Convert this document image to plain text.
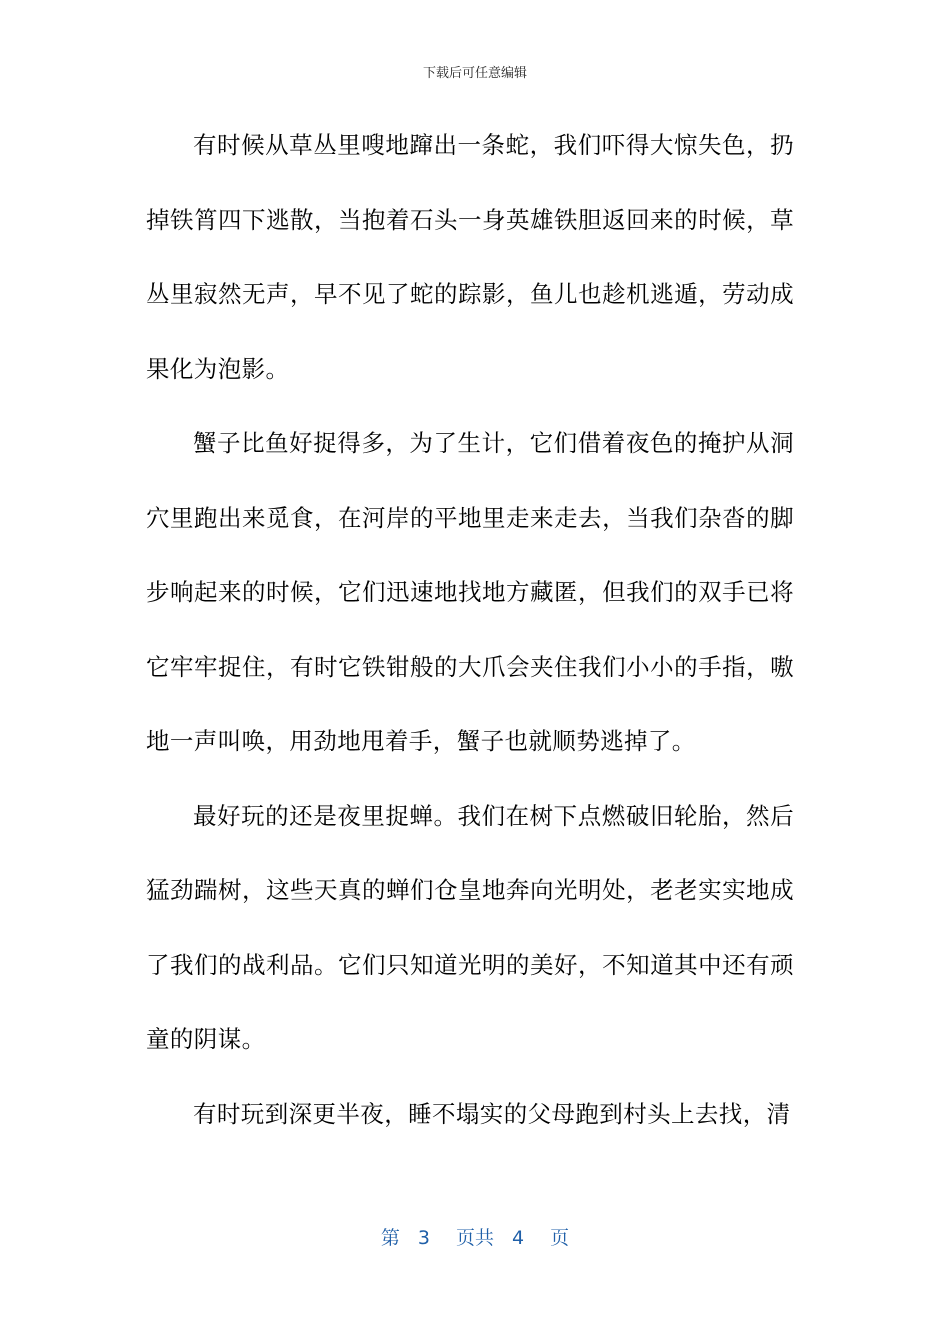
下载后可任意编辑

有时候从草丛里嗖地蹿出一条蛇，我们吓得大惊失色，扔掉铁筲四下逃散，当抱着石头一身英雄铁胆返回来的时候，草丛里寂然无声，早不见了蛇的踪影，鱼儿也趁机逃遁，劳动成果化为泡影。

蟹子比鱼好捉得多，为了生计，它们借着夜色的掩护从洞穴里跑出来觅食，在河岸的平地里走来走去，当我们杂沓的脚步响起来的时候，它们迅速地找地方藏匿，但我们的双手已将它牢牢捉住，有时它铁钳般的大爪会夹住我们小小的手指，嗷地一声叫唤，用劲地甩着手，蟹子也就顺势逃掉了。

最好玩的还是夜里捉蝉。我们在树下点燃破旧轮胎，然后猛劲踹树，这些天真的蝉们仓皇地奔向光明处，老老实实地成了我们的战利品。它们只知道光明的美好，不知道其中还有顽童的阴谋。

有时玩到深更半夜，睡不塌实的父母跑到村头上去找，清

第 3 页共 4 页
